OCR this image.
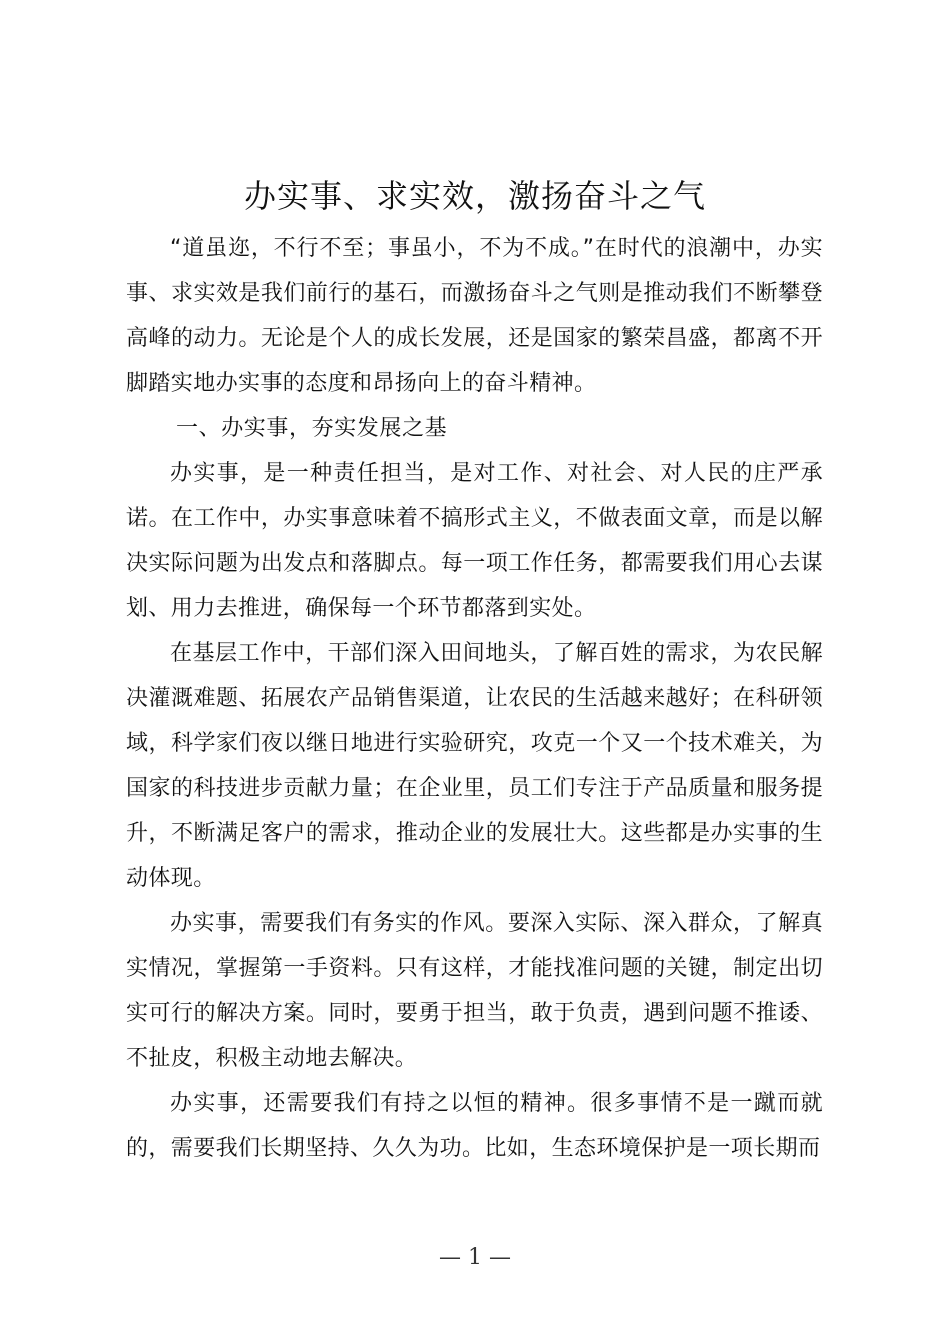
办实事、求实效，激扬奋斗之气

“道虽迩，不行不至；事虽小，不为不成。”在时代的浪潮中，办实事、求实效是我们前行的基石，而激扬奋斗之气则是推动我们不断攀登高峰的动力。无论是个人的成长发展，还是国家的繁荣昌盛，都离不开脚踏实地办实事的态度和昂扬向上的奋斗精神。

一、办实事，夯实发展之基

办实事，是一种责任担当，是对工作、对社会、对人民的庄严承诺。在工作中，办实事意味着不搞形式主义，不做表面文章，而是以解决实际问题为出发点和落脚点。每一项工作任务，都需要我们用心去谋划、用力去推进，确保每一个环节都落到实处。

在基层工作中，干部们深入田间地头，了解百姓的需求，为农民解决灌溉难题、拓展农产品销售渠道，让农民的生活越来越好；在科研领域，科学家们夜以继日地进行实验研究，攻克一个又一个技术难关，为国家的科技进步贡献力量；在企业里，员工们专注于产品质量和服务提升，不断满足客户的需求，推动企业的发展壮大。这些都是办实事的生动体现。

办实事，需要我们有务实的作风。要深入实际、深入群众，了解真实情况，掌握第一手资料。只有这样，才能找准问题的关键，制定出切实可行的解决方案。同时，要勇于担当，敢于负责，遇到问题不推诿、不扯皮，积极主动地去解决。

办实事，还需要我们有持之以恒的精神。很多事情不是一蹴而就的，需要我们长期坚持、久久为功。比如，生态环境保护是一项长期而

— 1 —
